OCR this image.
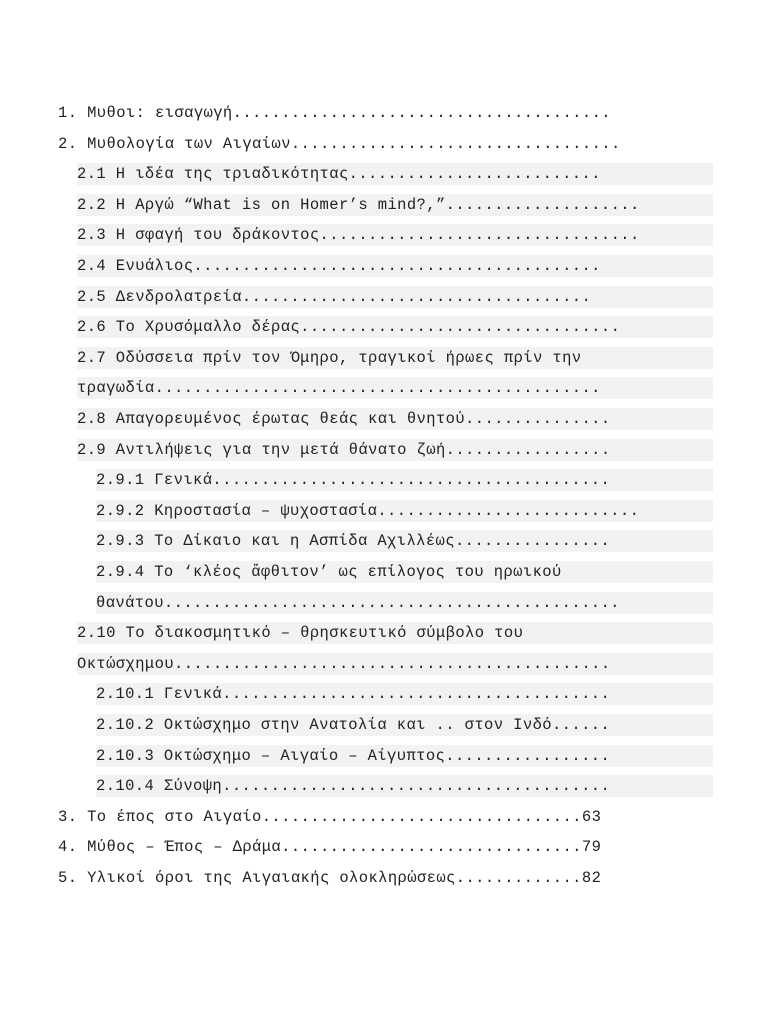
1. Μυθοι: εισαγωγή.......................................
2. Μυθολογία των Αιγαίων..................................
2.1 Η ιδέα της τριαδικότητας..........................
2.2 Η Αργώ “What is on Homer’s mind?,”....................
2.3 Η σφαγή του δράκοντος.................................
2.4 Ενυάλιος..........................................
2.5 Δενδρολατρεία....................................
2.6 Το Χρυσόμαλλο δέρας.................................
2.7 Οδύσσεια πρίν τον Όμηρο, τραγικοί ήρωες πρίν την
τραγωδία..............................................
2.8 Απαγορευμένος έρωτας θεάς και θνητού...............
2.9 Αντιλήψεις για την μετά θάνατο ζωή.................
2.9.1 Γενικά.........................................
2.9.2 Κηροστασία – ψυχοστασία...........................
2.9.3 Το Δίκαιο και η Ασπίδα Αχιλλέως................
2.9.4 Το ‘κλέος ἄφθιτον’ ως επίλογος του ηρωικού
θανάτου...............................................
2.10 Το διακοσμητικό – θρησκευτικό σύμβολο του
Οκτώσχημου.............................................
2.10.1 Γενικά........................................
2.10.2 Οκτώσχημο στην Ανατολία και .. στον Ινδό......
2.10.3 Οκτώσχημο – Αιγαίο – Αίγυπτος.................
2.10.4 Σύνοψη........................................
3. Το έπος στο Αιγαίο.................................63
4. Μύθος – Έπος – Δράμα...............................79
5. Υλικοί όροι της Αιγαιακής ολοκληρώσεως.............82
